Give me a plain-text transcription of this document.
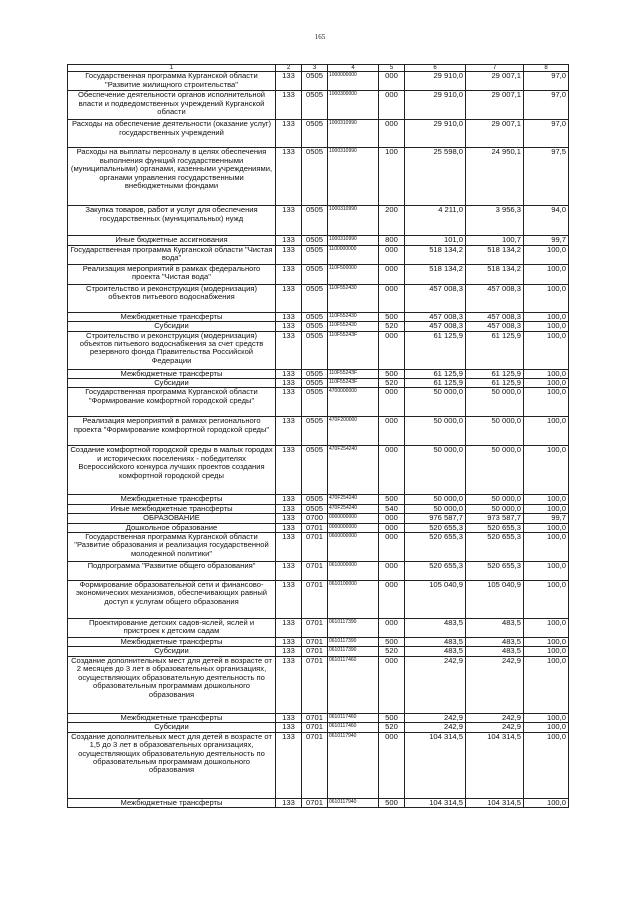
165
1	2	3	4	5	6	7	8
Государственная программа Курганской области "Развитие жилищного строительства"	133	0505	1000000000	000	29 910,0	29 007,1	97,0
Обеспечение деятельности органов исполнительной власти и подведомственных учреждений Курганской области	133	0505	1000300000	000	29 910,0	29 007,1	97,0
Расходы на обеспечение деятельности (оказание услуг) государственных учреждений	133	0505	1000310990	000	29 910,0	29 007,1	97,0
Расходы на выплаты персоналу в целях обеспечения выполнения функций государственными (муниципальными) органами, казенными учреждениями, органами управления государственными внебюджетными фондами	133	0505	1000310990	100	25 598,0	24 950,1	97,5
Закупка товаров, работ и услуг для обеспечения государственных (муниципальных) нужд	133	0505	1000310990	200	4 211,0	3 956,3	94,0
Иные бюджетные ассигнования	133	0505	1000310990	800	101,0	100,7	99,7
Государственная программа Курганской области "Чистая вода"	133	0505	1100000000	000	518 134,2	518 134,2	100,0
Реализация мероприятий в рамках федерального проекта "Чистая вода"	133	0505	110F500000	000	518 134,2	518 134,2	100,0
Строительство и реконструкция (модернизация) объектов питьевого водоснабжения	133	0505	110F552430	000	457 008,3	457 008,3	100,0
Межбюджетные трансферты	133	0505	110F552430	500	457 008,3	457 008,3	100,0
Субсидии	133	0505	110F552430	520	457 008,3	457 008,3	100,0
Строительство и реконструкция (модернизация) объектов питьевого водоснабжения за счет средств резервного фонда Правительства Российской Федерации	133	0505	110F5524ЗF	000	61 125,9	61 125,9	100,0
Межбюджетные трансферты	133	0505	110F5524ЗF	500	61 125,9	61 125,9	100,0
Субсидии	133	0505	110F5524ЗF	520	61 125,9	61 125,9	100,0
Государственная программа Курганской области "Формирование комфортной городской среды"	133	0505	4700000000	000	50 000,0	50 000,0	100,0
Реализация мероприятий в рамках регионального проекта "Формирование комфортной городской среды"	133	0505	470F200000	000	50 000,0	50 000,0	100,0
Создание комфортной городской среды в малых городах и исторических поселениях - победителях Всероссийского конкурса лучших проектов создания комфортной городской среды	133	0505	470F254240	000	50 000,0	50 000,0	100,0
Межбюджетные трансферты	133	0505	470F254240	500	50 000,0	50 000,0	100,0
Иные межбюджетные трансферты	133	0505	470F254240	540	50 000,0	50 000,0	100,0
ОБРАЗОВАНИЕ	133	0700	0000000000	000	976 587,7	973 587,7	99,7
Дошкольное образование	133	0701	0000000000	000	520 655,3	520 655,3	100,0
Государственная программа Курганской области "Развитие образования и реализация государственной молодежной политики"	133	0701	0600000000	000	520 655,3	520 655,3	100,0
Подпрограмма "Развитие общего образования"	133	0701	0610000000	000	520 655,3	520 655,3	100,0
Формирование образовательной сети и финансово-экономических механизмов, обеспечивающих равный доступ к услугам общего образования	133	0701	0610100000	000	105 040,9	105 040,9	100,0
Проектирование детских садов-яслей, яслей и пристроек к детским садам	133	0701	0610117390	000	483,5	483,5	100,0
Межбюджетные трансферты	133	0701	0610117390	500	483,5	483,5	100,0
Субсидии	133	0701	0610117390	520	483,5	483,5	100,0
Создание дополнительных мест для детей в возрасте от 2 месяцев до 3 лет в образовательных организациях, осуществляющих образовательную деятельность по образовательным программам дошкольного образования	133	0701	0610117460	000	242,9	242,9	100,0
Межбюджетные трансферты	133	0701	0610117460	500	242,9	242,9	100,0
Субсидии	133	0701	0610117460	520	242,9	242,9	100,0
Создание дополнительных мест для детей в возрасте от 1,5 до 3 лет в образовательных организациях, осуществляющих образовательную деятельность по образовательным программам дошкольного образования	133	0701	0610117940	000	104 314,5	104 314,5	100,0
Межбюджетные трансферты	133	0701	0610117940	500	104 314,5	104 314,5	100,0
